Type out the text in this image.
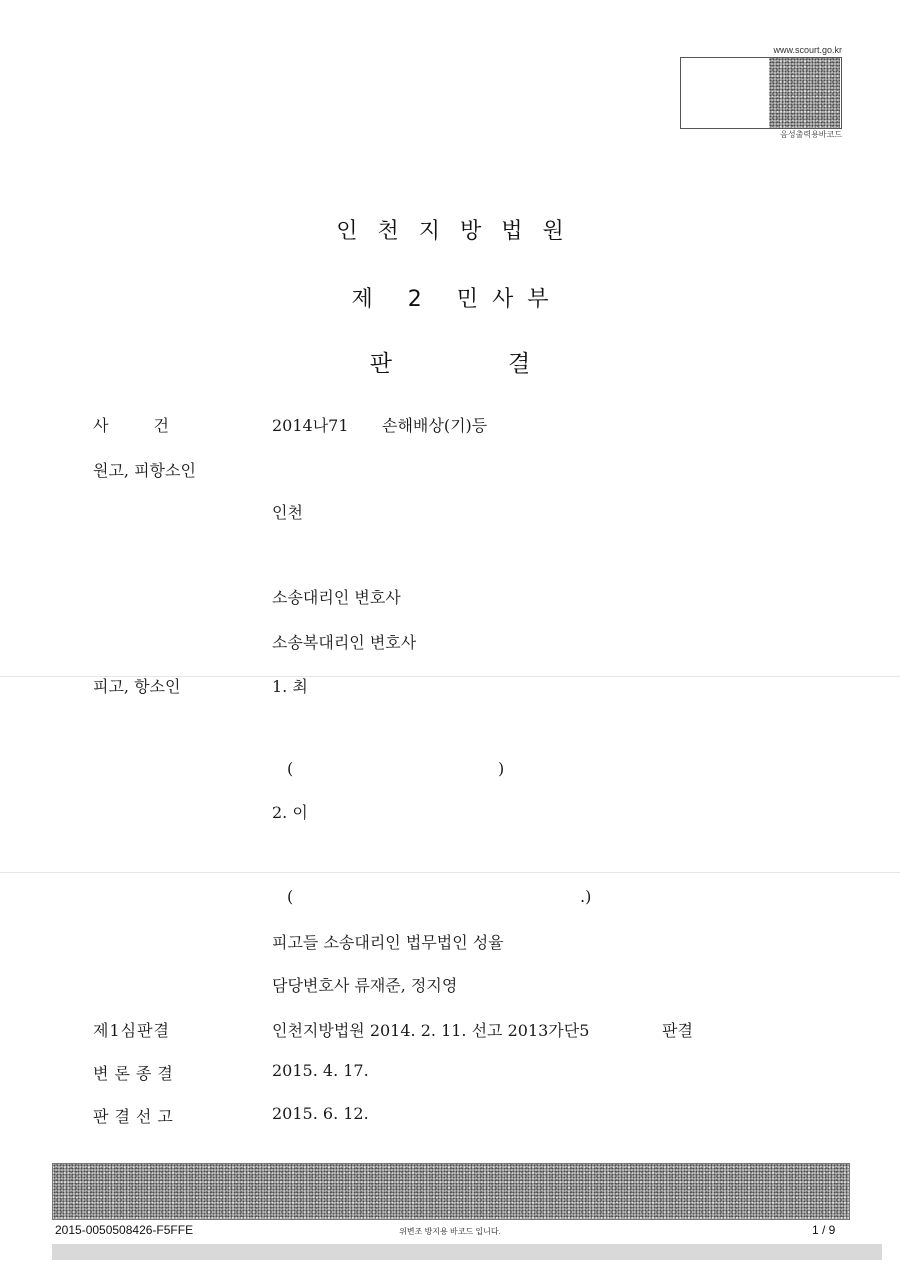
www.scourt.go.kr
음성출력용바코드
인천지방법원
제 2 민사부
판	결
사 건	2014나71 손해배상(기)등
원고, 피항소인
인천
소송대리인 변호사
소송복대리인 변호사
피고, 항소인	1. 최
(	)
2. 이
(	.)
피고들 소송대리인 법무법인 성율
담당변호사 류재준, 정지영
제1심판결	인천지방법원 2014. 2. 11. 선고 2013가단5	판결
변론종결	2015. 4. 17.
판결선고	2015. 6. 12.
2015-0050508426-F5FFE	위변조 방지용 바코드 입니다.	1 / 9
